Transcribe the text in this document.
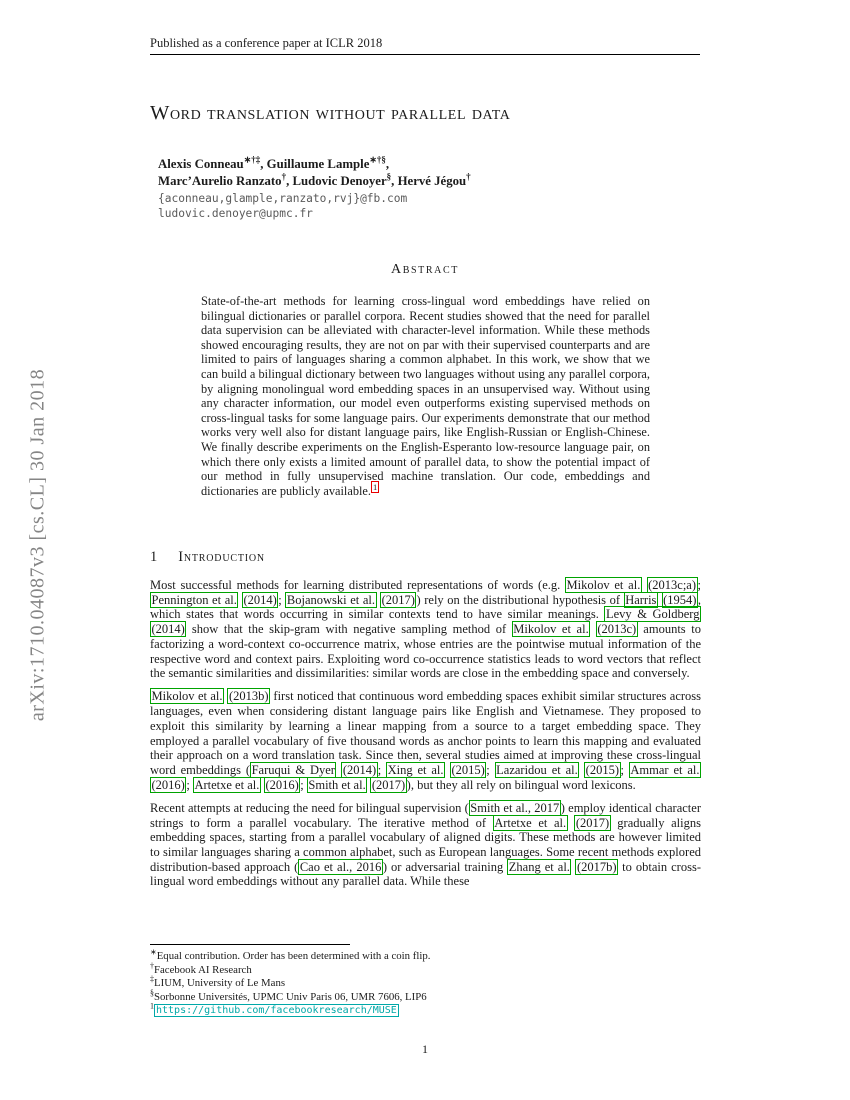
arXiv:1710.04087v3 [cs.CL] 30 Jan 2018
Published as a conference paper at ICLR 2018
Word translation without parallel data
Alexis Conneau∗†‡, Guillaume Lample∗†§,
Marc’Aurelio Ranzato†, Ludovic Denoyer§, Hervé Jégou†
{aconneau,glample,ranzato,rvj}@fb.com
ludovic.denoyer@upmc.fr
Abstract
State-of-the-art methods for learning cross-lingual word embeddings have relied on bilingual dictionaries or parallel corpora. Recent studies showed that the need for parallel data supervision can be alleviated with character-level information. While these methods showed encouraging results, they are not on par with their supervised counterparts and are limited to pairs of languages sharing a common alphabet. In this work, we show that we can build a bilingual dictionary between two languages without using any parallel corpora, by aligning monolingual word embedding spaces in an unsupervised way. Without using any character information, our model even outperforms existing supervised methods on cross-lingual tasks for some language pairs. Our experiments demonstrate that our method works very well also for distant language pairs, like English-Russian or English-Chinese. We finally describe experiments on the English-Esperanto low-resource language pair, on which there only exists a limited amount of parallel data, to show the potential impact of our method in fully unsupervised machine translation. Our code, embeddings and dictionaries are publicly available. $^1$
1 Introduction

Most successful methods for learning distributed representations of words (e.g. Mikolov et al. (2013c;a) ; Pennington et al. (2014) ; Bojanowski et al. (2017) ) rely on the distributional hypothesis of Harris (1954) , which states that words occurring in similar contexts tend to have similar meanings. Levy & Goldberg (2014) show that the skip-gram with negative sampling method of Mikolov et al. (2013c) amounts to factorizing a word-context co-occurrence matrix, whose entries are the pointwise mutual information of the respective word and context pairs. Exploiting word co-occurrence statistics leads to word vectors that reflect the semantic similarities and dissimilarities: similar words are close in the embedding space and conversely.

Mikolov et al. (2013b) first noticed that continuous word embedding spaces exhibit similar structures across languages, even when considering distant language pairs like English and Vietnamese. They proposed to exploit this similarity by learning a linear mapping from a source to a target embedding space. They employed a parallel vocabulary of five thousand words as anchor points to learn this mapping and evaluated their approach on a word translation task. Since then, several studies aimed at improving these cross-lingual word embeddings ( Faruqui & Dyer (2014) ; Xing et al. (2015) ; Lazaridou et al. (2015) ; Ammar et al. (2016) ; Artetxe et al. (2016) ; Smith et al. (2017) ), but they all rely on bilingual word lexicons.

Recent attempts at reducing the need for bilingual supervision ( Smith et al., 2017 ) employ identical character strings to form a parallel vocabulary. The iterative method of Artetxe et al. (2017) gradually aligns embedding spaces, starting from a parallel vocabulary of aligned digits. These methods are however limited to similar languages sharing a common alphabet, such as European languages. Some recent methods explored distribution-based approach ( Cao et al., 2016 ) or adversarial training Zhang et al. (2017b) to obtain cross-lingual word embeddings without any parallel data. While these

∗Equal contribution. Order has been determined with a coin flip.
†Facebook AI Research
‡LIUM, University of Le Mans
§Sorbonne Universités, UPMC Univ Paris 06, UMR 7606, LIP6
$^1$ https://github.com/facebookresearch/MUSE
1
